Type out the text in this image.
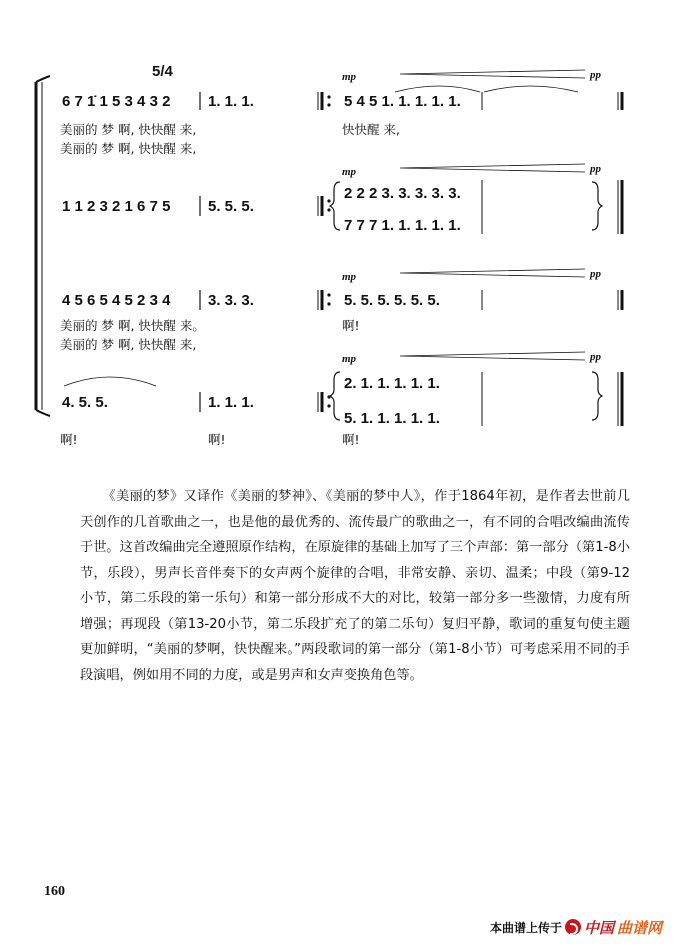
6 7 1̇ 1 5 3 4 3 2
5/4
1. 1. 1.
mp	pp
5 4 5 1. 1. 1. 1. 1.
美丽的 梦 啊, 快快醒 来,	快快醒 来,
美丽的 梦 啊, 快快醒 来,
1 1 2 3 2 1 6 7 5	5. 5. 5.
mp	pp
2 2 2 3. 3. 3. 3. 3.
7 7 7 1. 1. 1. 1. 1.
4 5 6 5 4 5 2 3 4	3. 3. 3.
mp	pp
5. 5. 5. 5. 5. 5.
美丽的 梦 啊, 快快醒 来。	啊!
美丽的 梦 啊, 快快醒 来,
4. 5. 5.	1. 1. 1.
mp	pp
2. 1. 1. 1. 1. 1.
5. 1. 1. 1. 1. 1.
啊!	啊!	啊!

《美丽的梦》又译作《美丽的梦神》、《美丽的梦中人》，作于1864年初，是作者去世前几天创作的几首歌曲之一，也是他的最优秀的、流传最广的歌曲之一，有不同的合唱改编曲流传于世。这首改编曲完全遵照原作结构，在原旋律的基础上加写了三个声部：第一部分（第1-8小节，乐段），男声长音伴奏下的女声两个旋律的合唱，非常安静、亲切、温柔；中段（第9-12小节，第二乐段的第一乐句）和第一部分形成不大的对比，较第一部分多一些激情，力度有所增强；再现段（第13-20小节，第二乐段扩充了的第二乐句）复归平静，歌词的重复句使主题更加鲜明，“美丽的梦啊，快快醒来。”两段歌词的第一部分（第1-8小节）可考虑采用不同的手段演唱，例如用不同的力度，或是男声和女声变换角色等。

160
本曲谱上传于 中国 曲谱网
